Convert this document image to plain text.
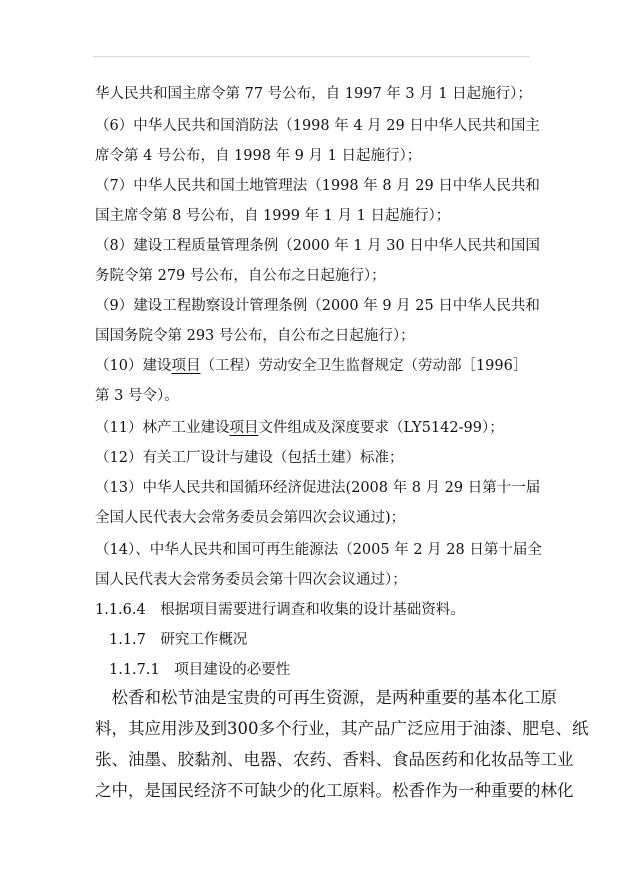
华人民共和国主席令第 77 号公布，自 1997 年 3 月 1 日起施行）；
（6）中华人民共和国消防法（1998 年 4 月 29 日中华人民共和国主
席令第 4 号公布，自 1998 年 9 月 1 日起施行）；
（7）中华人民共和国土地管理法（1998 年 8 月 29 日中华人民共和
国主席令第 8 号公布，自 1999 年 1 月 1 日起施行）；
（8）建设工程质量管理条例（2000 年 1 月 30 日中华人民共和国国
务院令第 279 号公布，自公布之日起施行）；
（9）建设工程勘察设计管理条例（2000 年 9 月 25 日中华人民共和
国国务院令第 293 号公布，自公布之日起施行）；
（10）建设项目（工程）劳动安全卫生监督规定（劳动部［1996］
第 3 号令）。
（11）林产工业建设项目文件组成及深度要求（LY5142-99）；
（12）有关工厂设计与建设（包括土建）标准；
（13）中华人民共和国循环经济促进法(2008 年 8 月 29 日第十一届
全国人民代表大会常务委员会第四次会议通过)；
（14）、中华人民共和国可再生能源法（2005 年 2 月 28 日第十届全
国人民代表大会常务委员会第十四次会议通过）；
1.1.6.4　根据项目需要进行调查和收集的设计基础资料。
1.1.7　研究工作概况
1.1.7.1　项目建设的必要性
　松香和松节油是宝贵的可再生资源，是两种重要的基本化工原
料，其应用涉及到300多个行业，其产品广泛应用于油漆、肥皂、纸
张、油墨、胶黏剂、电器、农药、香料、食品医药和化妆品等工业
之中，是国民经济不可缺少的化工原料。松香作为一种重要的林化
